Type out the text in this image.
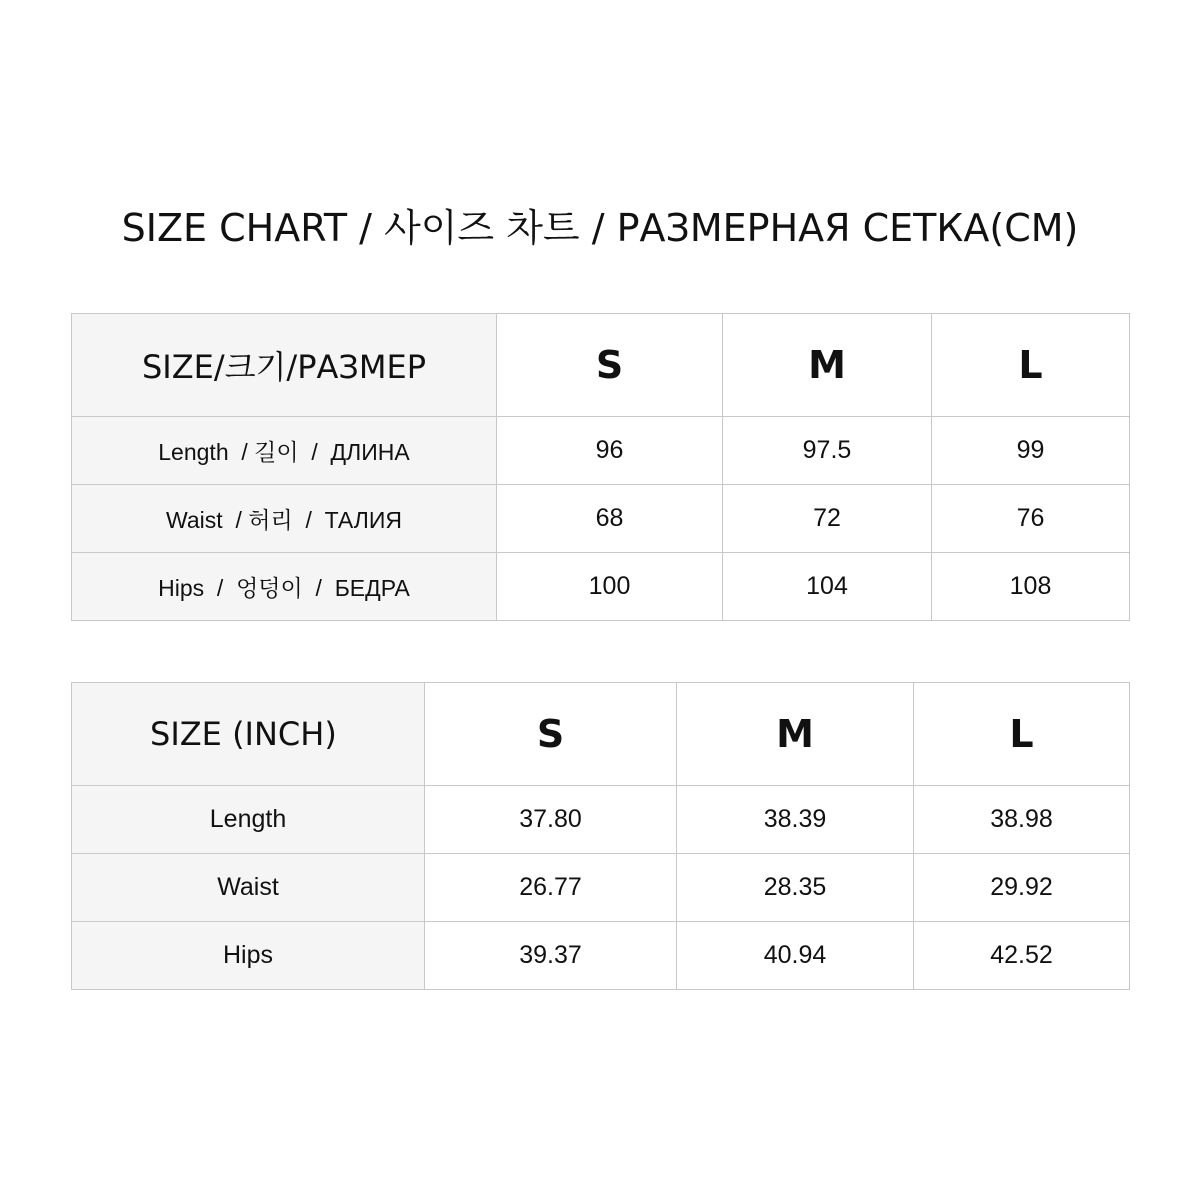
SIZE CHART / 사이즈 차트 / РАЗМЕРНАЯ СЕТКА(CM)
SIZE/크기/РАЗМЕР	S	M	L
Length  / 길이  /  ДЛИНА	96	97.5	99
Waist  / 허리  /  ТАЛИЯ	68	72	76
Hips  /  엉덩이  /  БЕДРА	100	104	108
SIZE (INCH)	S	M	L
Length	37.80	38.39	38.98
Waist	26.77	28.35	29.92
Hips	39.37	40.94	42.52
